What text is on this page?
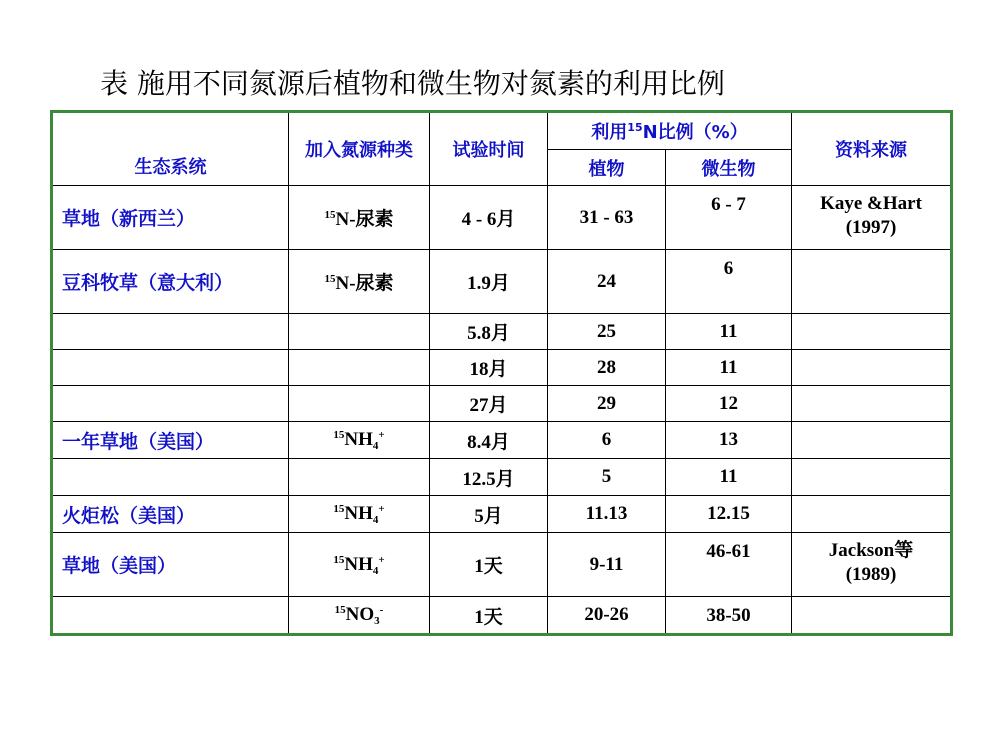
表 施用不同氮源后植物和微生物对氮素的利用比例
生态系统	加入氮源种类	试验时间	利用$^{15}$N比例（%）		资料来源
			植物	微生物	
草地（新西兰）	$^{15}$N-尿素	4 - 6月	31 - 63	6 - 7	Kaye &Hart
(1997)

豆科牧草（意大利）	$^{15}$N-尿素	1.9月	24	6	

		5.8月	25	11	

		18月	28	11	

		27月	29	12	

一年草地（美国）	$^{15}NH_4^+$	8.4月	6	13	

		12.5月	5	11	

火炬松（美国）	$^{15}NH_4^+$	5月	11.13	12.15	

草地（美国）	$^{15}NH_4^+$	1天	9-11	46-61	Jackson等
(1989)

	$^{15}NO_3^-$	1天	20-26	38-50	
